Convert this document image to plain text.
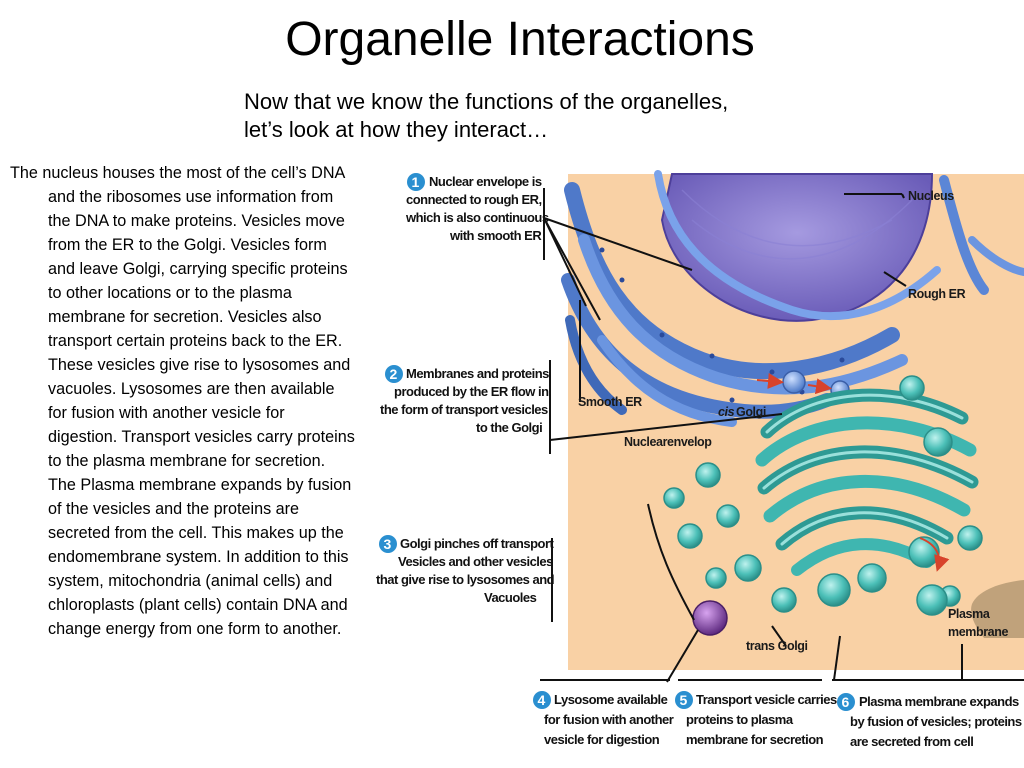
Organelle Interactions
Now that we know the functions of the organelles,
let’s look at how they interact…
The nucleus houses the most of the cell’s DNA and the ribosomes use information from the DNA to make proteins. Vesicles move from the ER to the Golgi. Vesicles form and leave Golgi, carrying specific proteins to other locations or to the plasma membrane for secretion. Vesicles also transport certain proteins back to the ER. These vesicles give rise to lysosomes and vacuoles. Lysosomes are then available for fusion with another vesicle for digestion. Transport vesicles carry proteins to the plasma membrane for secretion. The Plasma membrane expands by fusion of the vesicles and the proteins are secreted from the cell. This makes up the endomembrane system. In addition to this system, mitochondria (animal cells) and chloroplasts (plant cells) contain DNA and change energy from one form to another.
Nucleus
Rough ER
Smooth ER
cis Golgi
Nuclearenvelop
trans Golgi
Plasma
membrane
1 Nuclear envelope is
connected to rough ER,
which is also continuous
with smooth ER
2 Membranes and proteins
produced by the ER flow in
the form of transport vesicles
to the Golgi
3 Golgi pinches off transport
Vesicles and other vesicles
that give rise to lysosomes and
Vacuoles
4 Lysosome available
for fusion with another
vesicle for digestion
5 Transport vesicle carries
proteins to plasma
membrane for secretion
6 Plasma membrane expands
by fusion of vesicles; proteins
are secreted from cell
